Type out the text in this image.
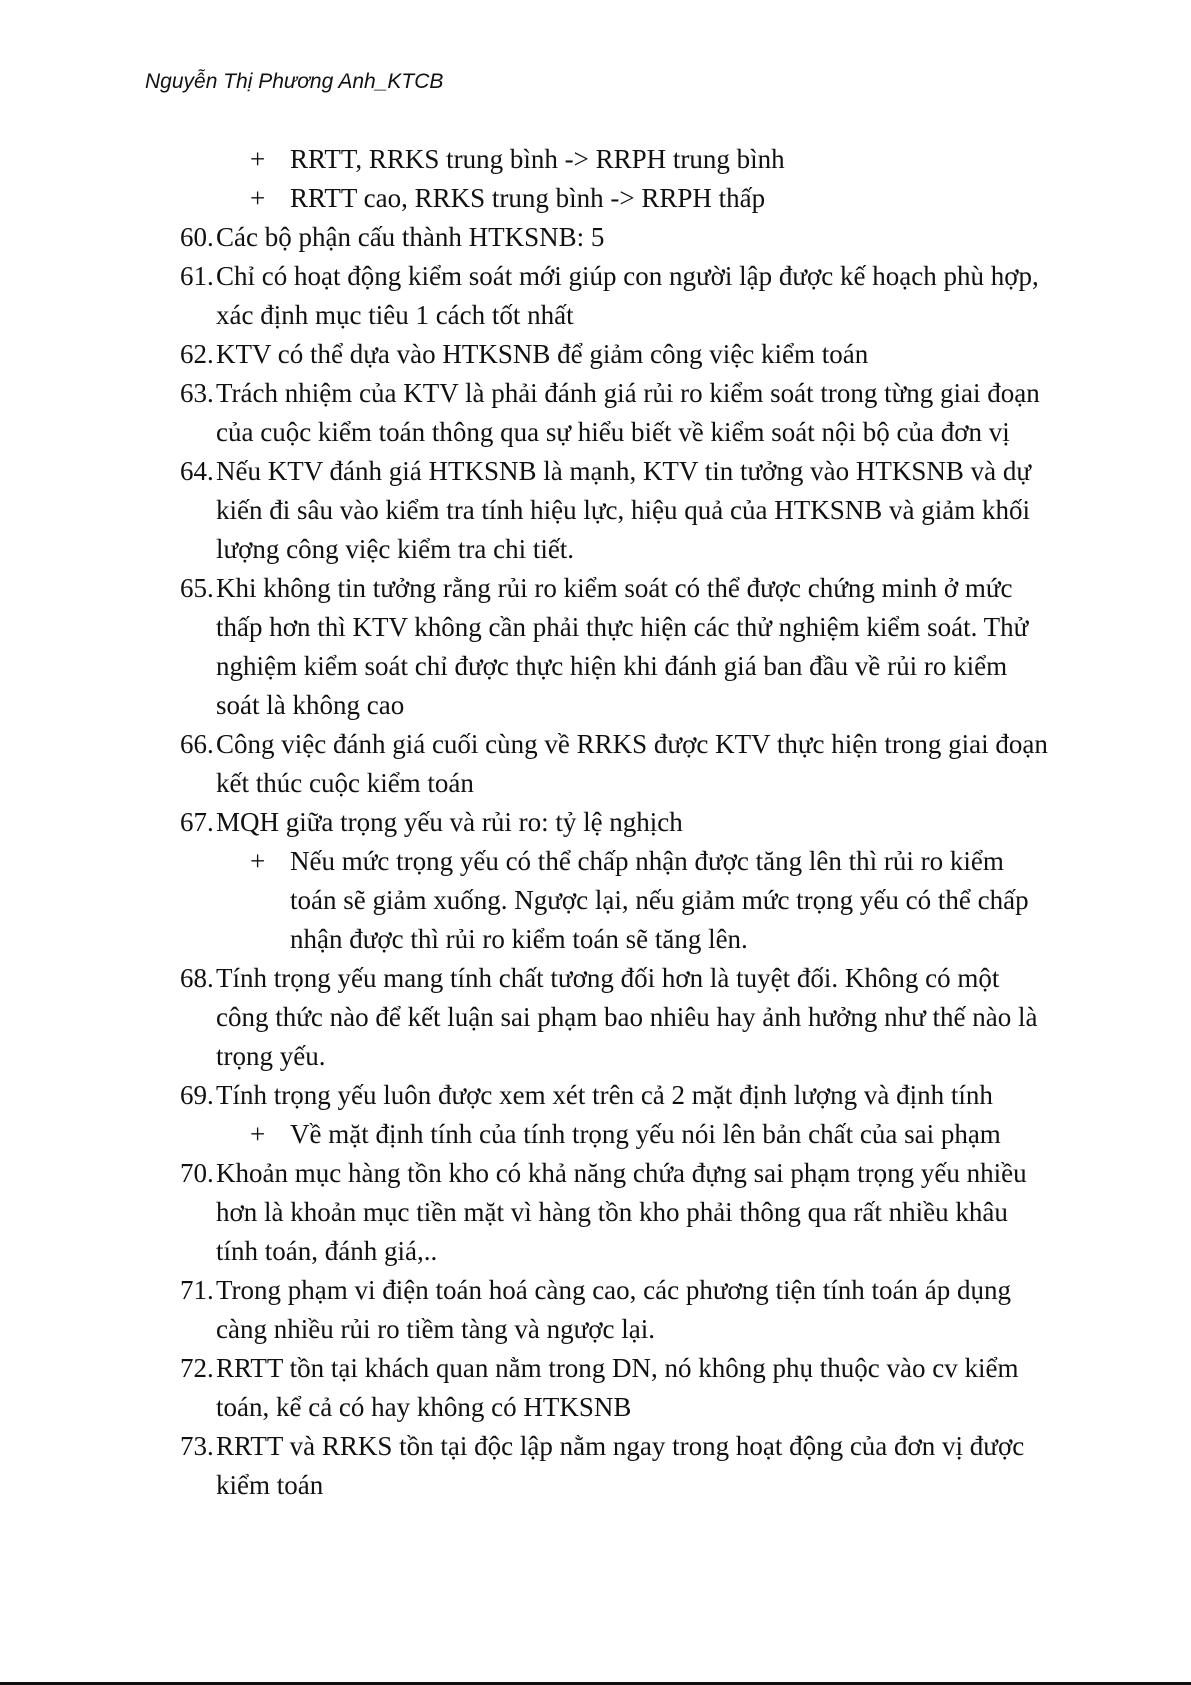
Nguyễn Thị Phương Anh_KTCB
+ RRTT, RRKS trung bình -> RRPH trung bình
+ RRTT cao, RRKS trung bình -> RRPH thấp
60. Các bộ phận cấu thành HTKSNB: 5
61. Chỉ có hoạt động kiểm soát mới giúp con người lập được kế hoạch phù hợp, xác định mục tiêu 1 cách tốt nhất
62. KTV có thể dựa vào HTKSNB để giảm công việc kiểm toán
63. Trách nhiệm của KTV là phải đánh giá rủi ro kiểm soát trong từng giai đoạn của cuộc kiểm toán thông qua sự hiểu biết về kiểm soát nội bộ của đơn vị
64. Nếu KTV đánh giá HTKSNB là mạnh, KTV tin tưởng vào HTKSNB và dự kiến đi sâu vào kiểm tra tính hiệu lực, hiệu quả của HTKSNB và giảm khối lượng công việc kiểm tra chi tiết.
65. Khi không tin tưởng rằng rủi ro kiểm soát có thể được chứng minh ở mức thấp hơn thì KTV không cần phải thực hiện các thử nghiệm kiểm soát. Thử nghiệm kiểm soát chỉ được thực hiện khi đánh giá ban đầu về rủi ro kiểm soát là không cao
66. Công việc đánh giá cuối cùng về RRKS được KTV thực hiện trong giai đoạn kết thúc cuộc kiểm toán
67. MQH giữa trọng yếu và rủi ro: tỷ lệ nghịch
+ Nếu mức trọng yếu có thể chấp nhận được tăng lên thì rủi ro kiểm toán sẽ giảm xuống. Ngược lại, nếu giảm mức trọng yếu có thể chấp nhận được thì rủi ro kiểm toán sẽ tăng lên.
68. Tính trọng yếu mang tính chất tương đối hơn là tuyệt đối. Không có một công thức nào để kết luận sai phạm bao nhiêu hay ảnh hưởng như thế nào là trọng yếu.
69. Tính trọng yếu luôn được xem xét trên cả 2 mặt định lượng và định tính
+ Về mặt định tính của tính trọng yếu nói lên bản chất của sai phạm
70. Khoản mục hàng tồn kho có khả năng chứa đựng sai phạm trọng yếu nhiều hơn là khoản mục tiền mặt vì hàng tồn kho phải thông qua rất nhiều khâu tính toán, đánh giá,..
71. Trong phạm vi điện toán hoá càng cao, các phương tiện tính toán áp dụng càng nhiều rủi ro tiềm tàng và ngược lại.
72. RRTT tồn tại khách quan nằm trong DN, nó không phụ thuộc vào cv kiểm toán, kể cả có hay không có HTKSNB
73. RRTT và RRKS tồn tại độc lập nằm ngay trong hoạt động của đơn vị được kiểm toán
